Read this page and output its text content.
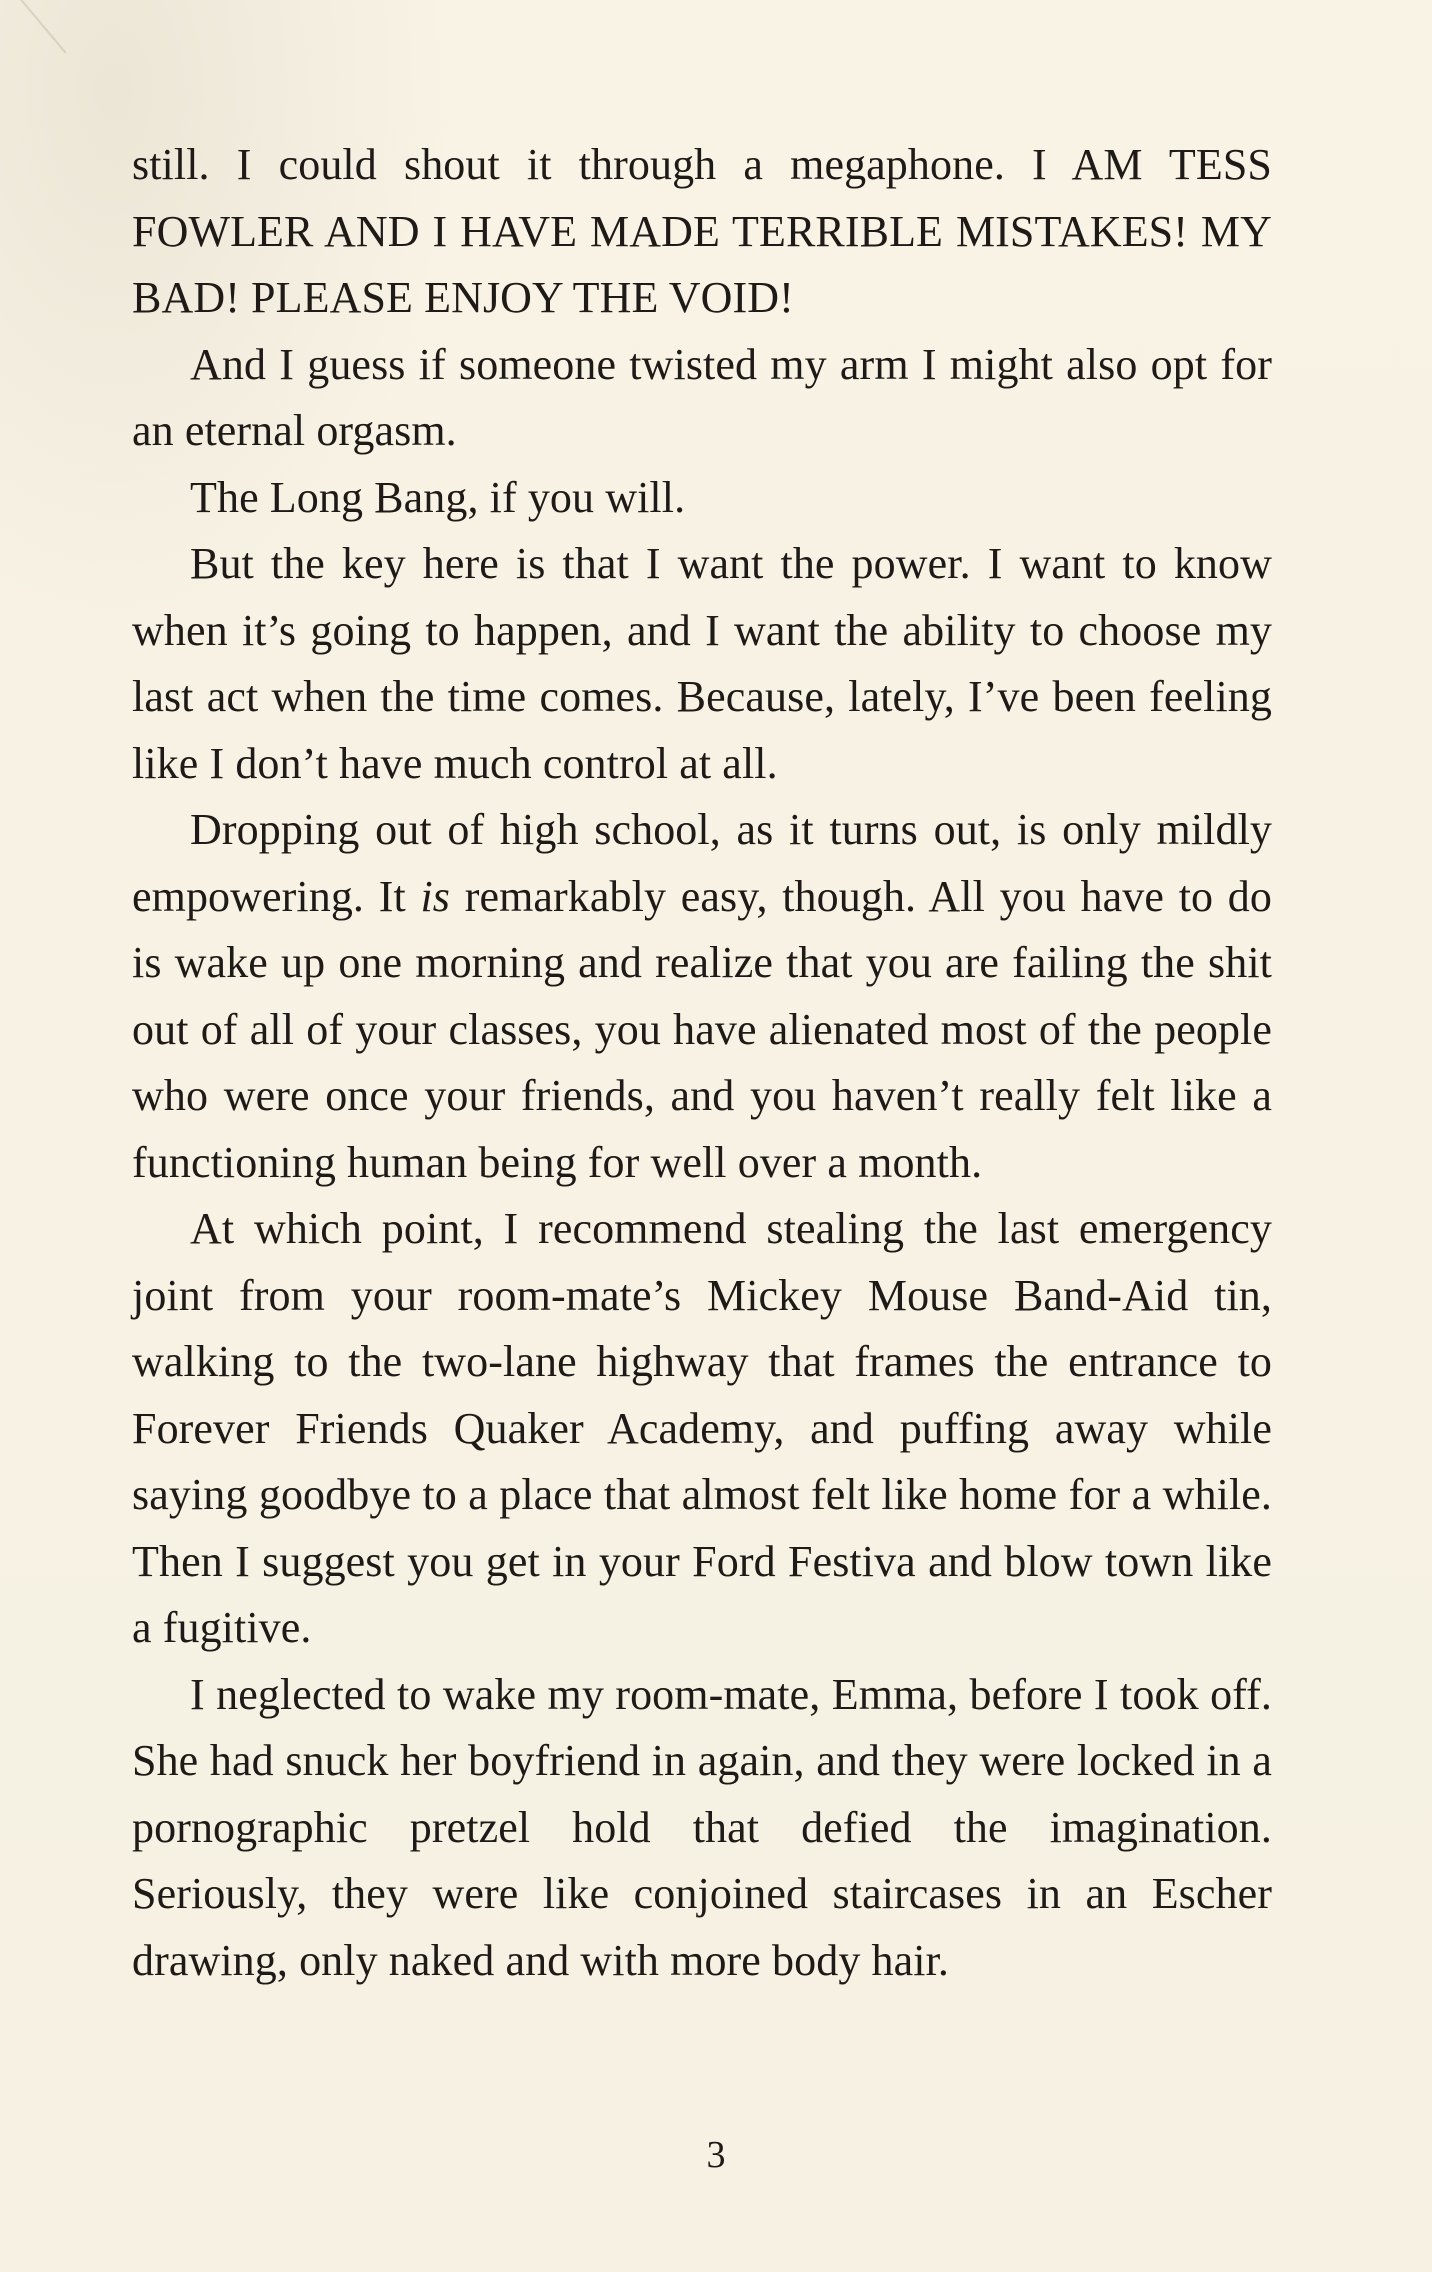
still. I could shout it through a megaphone. I AM TESS FOWLER AND I HAVE MADE TERRIBLE MISTAKES! MY BAD! PLEASE ENJOY THE VOID!

And I guess if someone twisted my arm I might also opt for an eternal orgasm.

The Long Bang, if you will.

But the key here is that I want the power. I want to know when it’s going to happen, and I want the ability to choose my last act when the time comes. Because, lately, I’ve been feeling like I don’t have much control at all.

Dropping out of high school, as it turns out, is only mildly empowering. It is remarkably easy, though. All you have to do is wake up one morning and realize that you are failing the shit out of all of your classes, you have alienated most of the people who were once your friends, and you haven’t really felt like a functioning human being for well over a month.

At which point, I recommend stealing the last emergency joint from your room-mate’s Mickey Mouse Band-Aid tin, walking to the two-lane highway that frames the entrance to Forever Friends Quaker Academy, and puffing away while saying goodbye to a place that almost felt like home for a while. Then I suggest you get in your Ford Festiva and blow town like a fugitive.

I neglected to wake my room-mate, Emma, before I took off. She had snuck her boyfriend in again, and they were locked in a pornographic pretzel hold that defied the imagination. Seriously, they were like conjoined staircases in an Escher drawing, only naked and with more body hair.

3
